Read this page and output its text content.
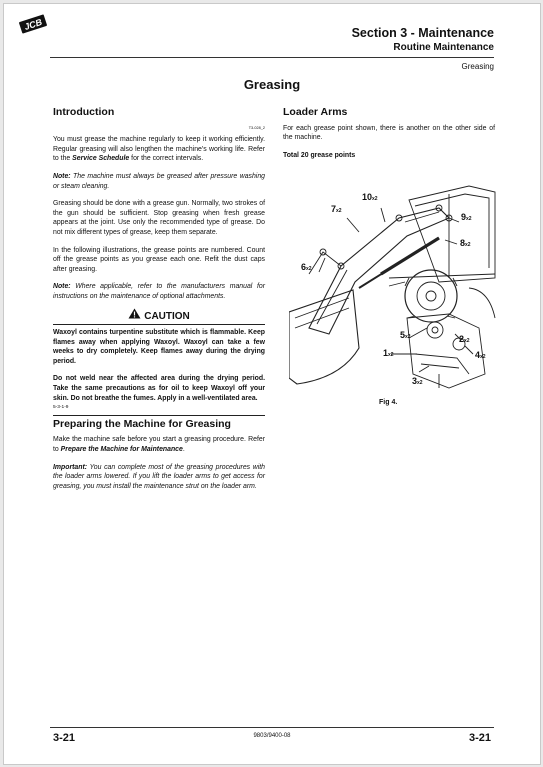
JCB
Section 3 - Maintenance
Routine Maintenance
Greasing
Greasing
Introduction
T3-028_2

You must grease the machine regularly to keep it working efficiently. Regular greasing will also lengthen the machine's working life. Refer to the Service Schedule for the correct intervals.

Note: The machine must always be greased after pressure washing or steam cleaning.

Greasing should be done with a grease gun. Normally, two strokes of the gun should be sufficient. Stop greasing when fresh grease appears at the joint. Use only the recommended type of grease. Do not mix different types of grease, keep them separate.

In the following illustrations, the grease points are numbered. Count off the grease points as you grease each one. Refit the dust caps after greasing.

Note: Where applicable, refer to the manufacturers manual for instructions on the maintenance of optional attachments.

CAUTION

Waxoyl contains turpentine substitute which is flammable. Keep flames away when applying Waxoyl. Waxoyl can take a few weeks to dry completely. Keep flames away during the drying period.

Do not weld near the affected area during the drying period. Take the same precautions as for oil to keep Waxoyl off your skin. Do not breathe the fumes. Apply in a well-ventilated area.

5-3-1-9
Preparing the Machine for Greasing

Make the machine safe before you start a greasing procedure. Refer to Prepare the Machine for Maintenance.

Important: You can complete most of the greasing procedures with the loader arms lowered. If you lift the loader arms to get access for greasing, you must install the maintenance strut on the loader arm.

Loader Arms

For each grease point shown, there is another on the other side of the machine.

Total 20 grease points

10x2
7x2
9x2
8x2
6x2
5x2	2x2
4x2
1x2
3x2
Fig 4.
3-21	9803/9400-08	3-21
